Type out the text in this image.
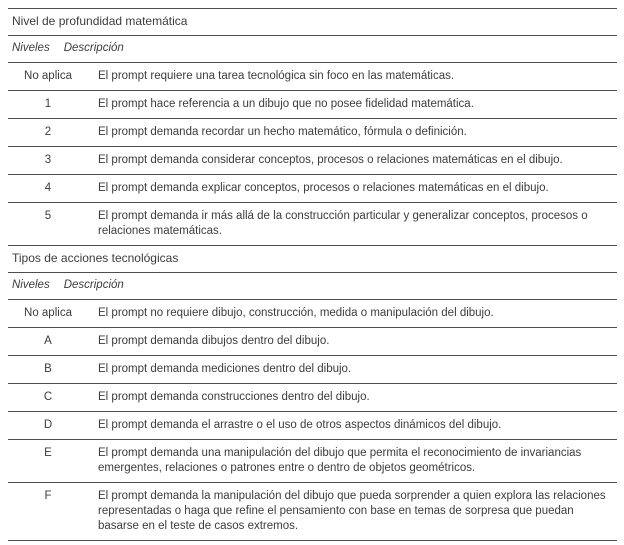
Nivel de profundidad matemática
Niveles Descripción
No aplica	El prompt requiere una tarea tecnológica sin foco en las matemáticas.
1	El prompt hace referencia a un dibujo que no posee fidelidad matemática.
2	El prompt demanda recordar un hecho matemático, fórmula o definición.
3	El prompt demanda considerar conceptos, procesos o relaciones matemáticas en el dibujo.
4	El prompt demanda explicar conceptos, procesos o relaciones matemáticas en el dibujo.
5	El prompt demanda ir más allá de la construcción particular y generalizar conceptos, procesos o relaciones matemáticas.
Tipos de acciones tecnológicas
Niveles Descripción
No aplica	El prompt no requiere dibujo, construcción, medida o manipulación del dibujo.
A	El prompt demanda dibujos dentro del dibujo.
B	El prompt demanda mediciones dentro del dibujo.
C	El prompt demanda construcciones dentro del dibujo.
D	El prompt demanda el arrastre o el uso de otros aspectos dinámicos del dibujo.
E	El prompt demanda una manipulación del dibujo que permita el reconocimiento de invariancias emergentes, relaciones o patrones entre o dentro de objetos geométricos.
F	El prompt demanda la manipulación del dibujo que pueda sorprender a quien explora las relaciones representadas o haga que refine el pensamiento con base en temas de sorpresa que puedan basarse en el teste de casos extremos.
